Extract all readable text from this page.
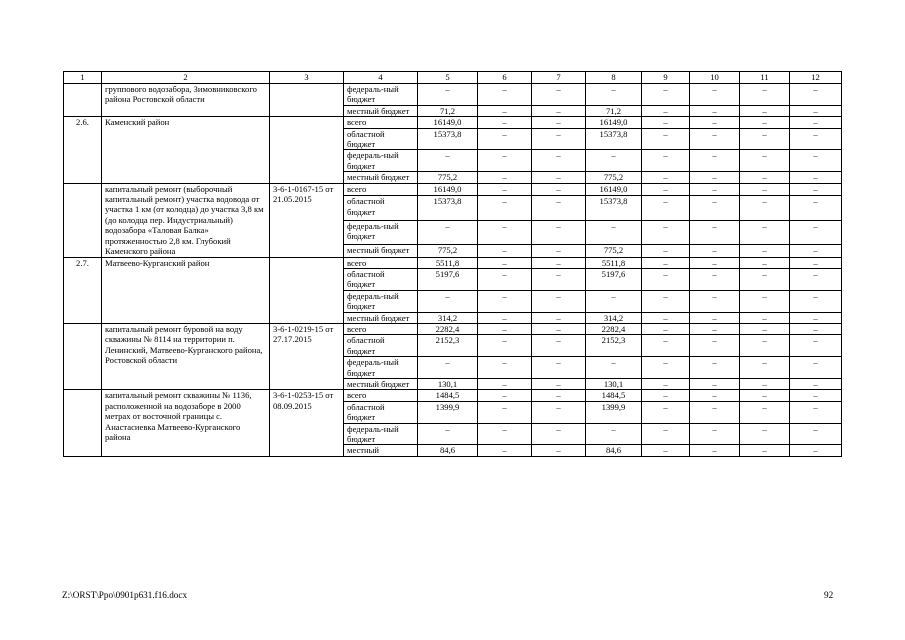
1	2	3	4	5	6	7	8	9	10	11	12
	группового водозабора, Зимовниковского района Ростовской области		федераль-ный бюджет	–	–	–	–	–	–	–	–
			местный бюджет	71,2	–	–	71,2	–	–	–	–
2.6.	Каменский район		всего	16149,0	–	–	16149,0	–	–	–	–
			областной бюджет	15373,8	–	–	15373,8	–	–	–	–
			федераль-ный бюджет	–	–	–	–	–	–	–	–
			местный бюджет	775,2	–	–	775,2	–	–	–	–
	капитальный ремонт (выборочный капитальный ремонт) участка водовода от участка 1 км (от колодца) до участка 3,8 км (до колодца пер. Индустриальный) водозабора «Таловая Балка» протяженностью 2,8 км. Глубокий Каменского района	3-6-1-0167-15 от 21.05.2015	всего	16149,0	–	–	16149,0	–	–	–	–
			областной бюджет	15373,8	–	–	15373,8	–	–	–	–
			федераль-ный бюджет	–	–	–	–	–	–	–	–
			местный бюджет	775,2	–	–	775,2	–	–	–	–
2.7.	Матвеево-Курганский район		всего	5511,8	–	–	5511,8	–	–	–	–
			областной бюджет	5197,6	–	–	5197,6	–	–	–	–
			федераль-ный бюджет	–	–	–	–	–	–	–	–
			местный бюджет	314,2	–	–	314,2	–	–	–	–
	капитальный ремонт буровой на воду скважины № 8114 на территории п. Ленинский, Матвеево-Курганского района, Ростовской области	3-6-1-0219-15 от 27.17.2015	всего	2282,4	–	–	2282,4	–	–	–	–
			областной бюджет	2152,3	–	–	2152,3	–	–	–	–
			федераль-ный бюджет	–	–	–	–	–	–	–	–
			местный бюджет	130,1	–	–	130,1	–	–	–	–
	капитальный ремонт скважины № 1136, расположенной на водозаборе в 2000 метрах от восточной границы с. Анастасиевка Матвеево-Курганского района	3-6-1-0253-15 от 08.09.2015	всего	1484,5	–	–	1484,5	–	–	–	–
			областной бюджет	1399,9	–	–	1399,9	–	–	–	–
			федераль-ный бюджет	–	–	–	–	–	–	–	–
			местный	84,6	–	–	84,6	–	–	–	–
Z:\ORST\Ppo\0901p631.f16.docx	92
